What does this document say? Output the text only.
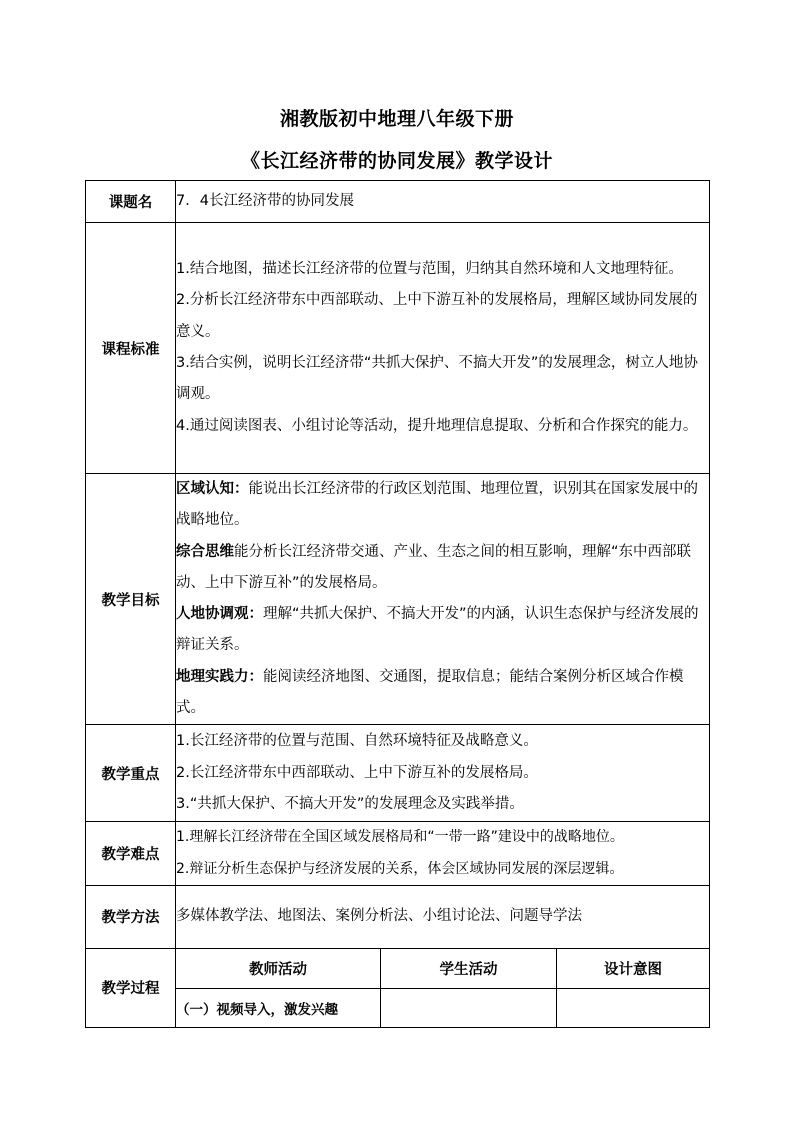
湘教版初中地理八年级下册
《长江经济带的协同发展》教学设计
课题名	7．4长江经济带的协同发展		
课程标准	1.结合地图，描述长江经济带的位置与范围，归纳其自然环境和人文地理特征。

2.分析长江经济带东中西部联动、上中下游互补的发展格局，理解区域协同发展的意义。

3.结合实例，说明长江经济带“共抓大保护、不搞大开发”的发展理念，树立人地协调观。

4.通过阅读图表、小组讨论等活动，提升地理信息提取、分析和合作探究的能力。		

教学目标	区域认知：能说出长江经济带的行政区划范围、地理位置，识别其在国家发展中的战略地位。

综合思维能分析长江经济带交通、产业、生态之间的相互影响，理解“东中西部联动、上中下游互补”的发展格局。

人地协调观：理解“共抓大保护、不搞大开发”的内涵，认识生态保护与经济发展的辩证关系。

地理实践力：能阅读经济地图、交通图，提取信息；能结合案例分析区域合作模式。		

教学重点	1.长江经济带的位置与范围、自然环境特征及战略意义。

2.长江经济带东中西部联动、上中下游互补的发展格局。

3.“共抓大保护、不搞大开发”的发展理念及实践举措。		

教学难点	1.理解长江经济带在全国区域发展格局和“一带一路”建设中的战略地位。

2.辩证分析生态保护与经济发展的关系，体会区域协同发展的深层逻辑。		

教学方法	多媒体教学法、地图法、案例分析法、小组讨论法、问题导学法		
教学过程	教师活动	学生活动	设计意图
	（一）视频导入，激发兴趣		
